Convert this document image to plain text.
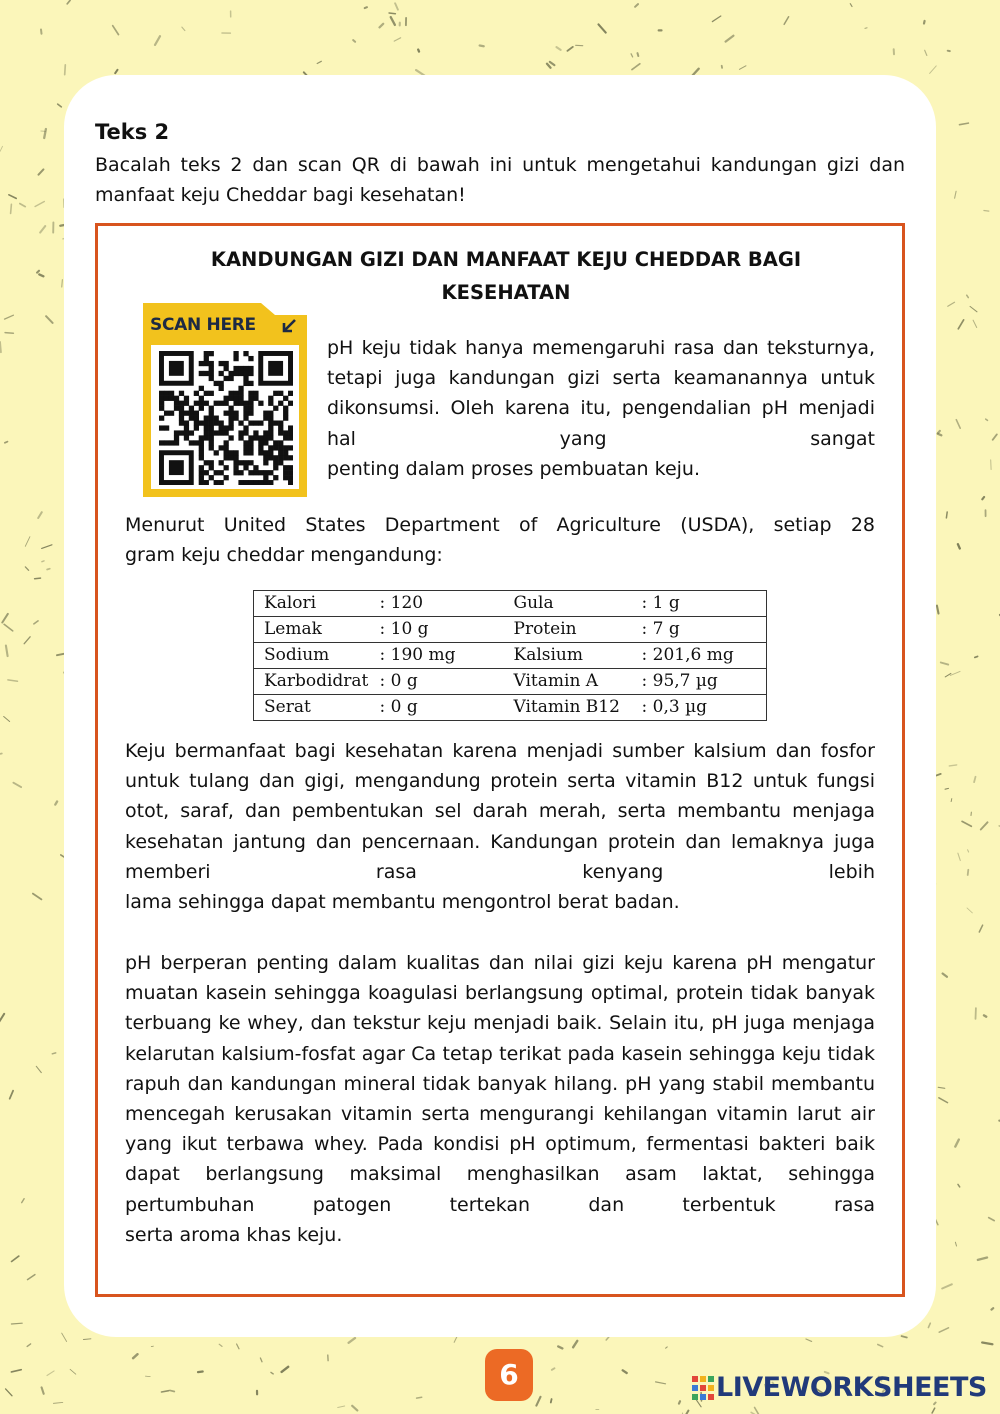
Teks 2

Bacalah teks 2 dan scan QR di bawah ini untuk mengetahui kandungan gizi dan manfaat keju Cheddar bagi kesehatan!

KANDUNGAN GIZI DAN MANFAAT KEJU CHEDDAR BAGI KESEHATAN
SCAN HERE

pH keju tidak hanya memengaruhi rasa dan teksturnya, tetapi juga kandungan gizi serta keamanannya untuk dikonsumsi. Oleh karena itu, pengendalian pH menjadi hal yang sangat
penting dalam proses pembuatan keju.

Menurut United States Department of Agriculture (USDA), setiap 28
gram keju cheddar mengandung:

Kalori	: 120	Gula	: 1 g
Lemak	: 10 g	Protein	: 7 g
Sodium	: 190 mg	Kalsium	: 201,6 mg
Karbodidrat	: 0 g	Vitamin A	: 95,7 µg
Serat	: 0 g	Vitamin B12	: 0,3 µg

Keju bermanfaat bagi kesehatan karena menjadi sumber kalsium dan fosfor untuk tulang dan gigi, mengandung protein serta vitamin B12 untuk fungsi otot, saraf, dan pembentukan sel darah merah, serta membantu menjaga kesehatan jantung dan pencernaan. Kandungan protein dan lemaknya juga memberi rasa kenyang lebih
lama sehingga dapat membantu mengontrol berat badan.

pH berperan penting dalam kualitas dan nilai gizi keju karena pH mengatur muatan kasein sehingga koagulasi berlangsung optimal, protein tidak banyak terbuang ke whey, dan tekstur keju menjadi baik. Selain itu, pH juga menjaga kelarutan kalsium-fosfat agar Ca tetap terikat pada kasein sehingga keju tidak rapuh dan kandungan mineral tidak banyak hilang. pH yang stabil membantu mencegah kerusakan vitamin serta mengurangi kehilangan vitamin larut air yang ikut terbawa whey. Pada kondisi pH optimum, fermentasi bakteri baik dapat berlangsung maksimal menghasilkan asam laktat, sehingga pertumbuhan patogen tertekan dan terbentuk rasa
serta aroma khas keju.

6	LIVEWORKSHEETS
